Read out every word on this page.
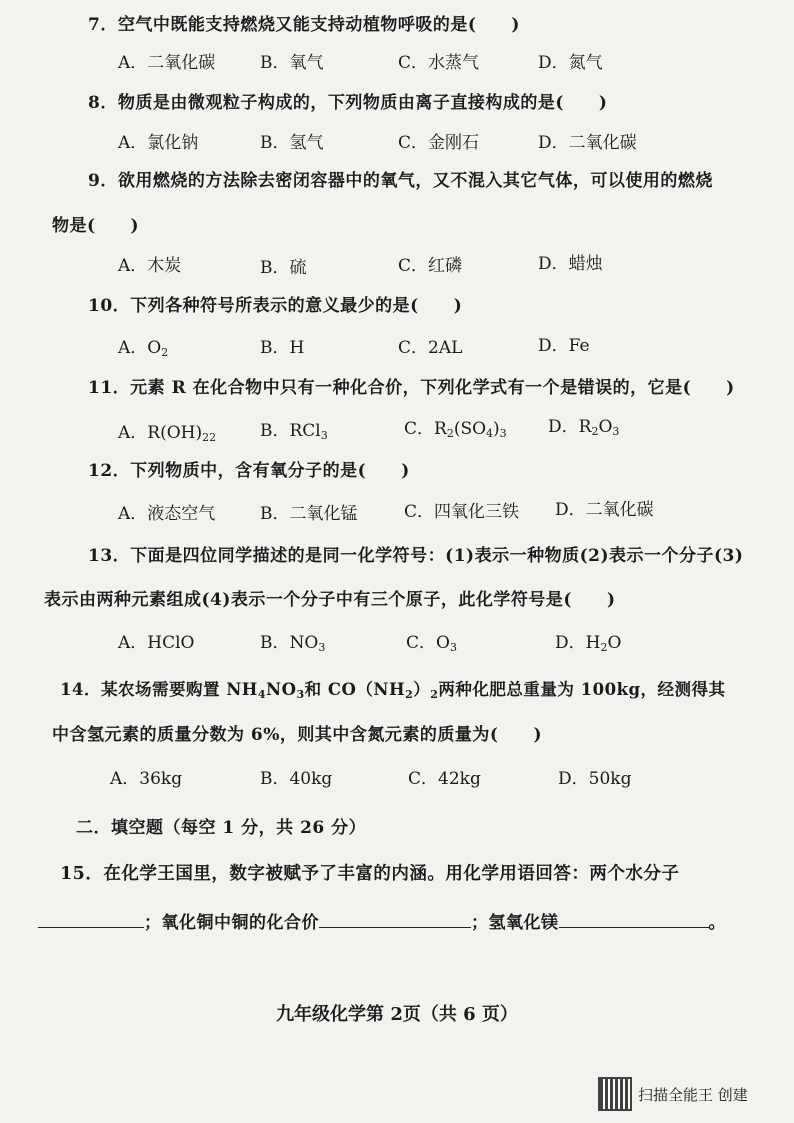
7．空气中既能支持燃烧又能支持动植物呼吸的是(　　)
A．二氧化碳	B．氧气	C．水蒸气	D．氮气
8．物质是由微观粒子构成的，下列物质由离子直接构成的是(　　)
A．氯化钠	B．氢气	C．金刚石	D．二氧化碳
9．欲用燃烧的方法除去密闭容器中的氧气，又不混入其它气体，可以使用的燃烧
物是(　　)
A．木炭	B．硫	C．红磷	D．蜡烛
10．下列各种符号所表示的意义最少的是(　　)
A．$O_2$	B．H	C．2AL	D．Fe
11．元素 R 在化合物中只有一种化合价，下列化学式有一个是错误的，它是(　　)
A．$R(OH)_{22}$	B．RCl$_3$	C．$R_2(SO_4)_3$ D．$R_2O_3$
12．下列物质中，含有氧分子的是(　　)
A．液态空气	B．二氧化锰	C．四氧化三铁 D．二氧化碳
13．下面是四位同学描述的是同一化学符号：(1)表示一种物质(2)表示一个分子(3)
表示由两种元素组成(4)表示一个分子中有三个原子，此化学符号是(　　)
A．HClO	B．$NO_3$	C．$O_3$	D．$H_2O$
14．某农场需要购置 $NH_4NO_3$和 $CO(NH_2)_2$两种化肥总重量为 100kg，经测得其
中含氢元素的质量分数为 6%，则其中含氮元素的质量为(　　)
A．36kg	B．40kg	C．42kg	D．50kg
二．填空题（每空 1 分，共 26 分）
15．在化学王国里，数字被赋予了丰富的内涵。用化学用语回答：两个水分子
；氧化铜中铜的化合价	；氢氧化镁	。
九年级化学第 2页（共 6 页）
扫描全能王 创建
